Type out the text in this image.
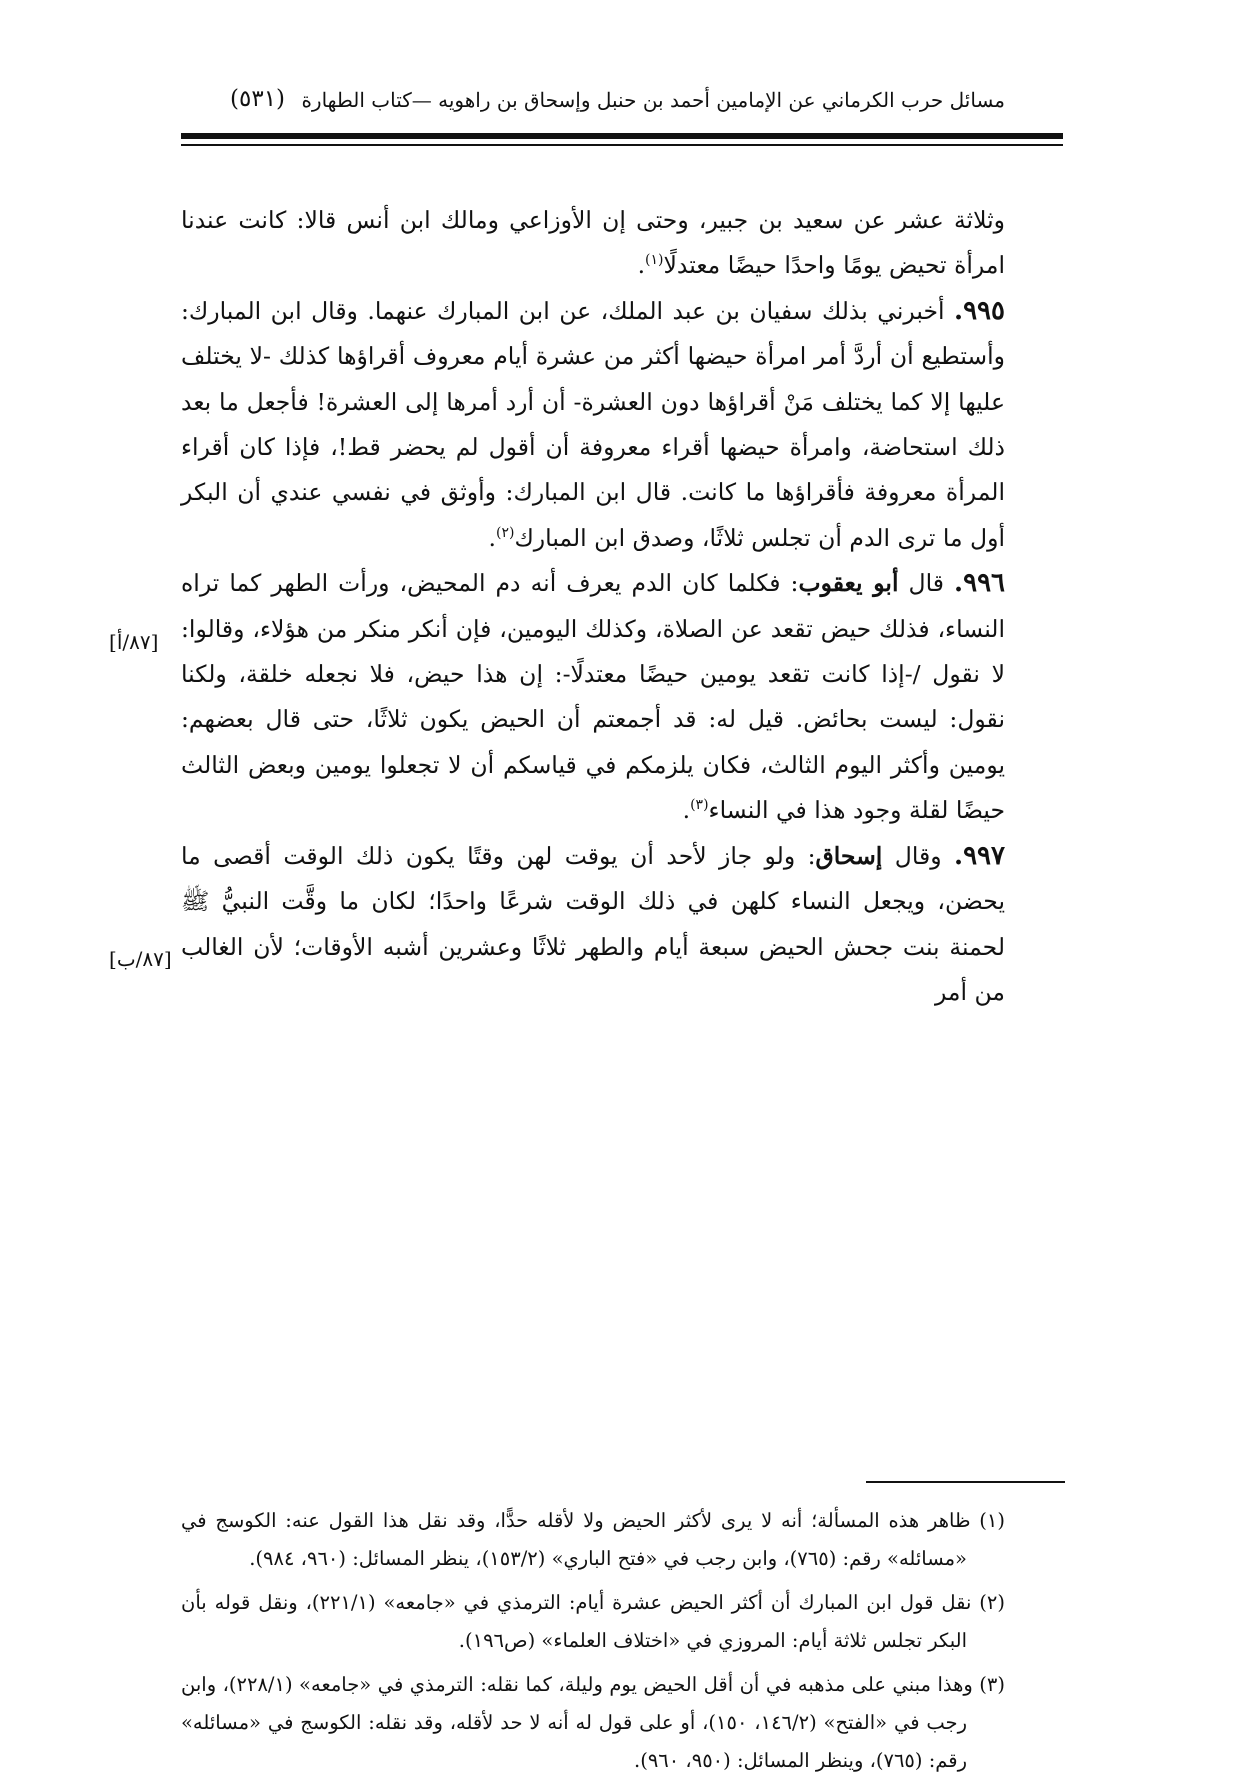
مسائل حرب الكرماني عن الإمامين أحمد بن حنبل وإسحاق بن راهويه —كتاب الطهارة
(٥٣١)

وثلاثة عشر عن سعيد بن جبير، وحتى إن الأوزاعي ومالك ابن أنس قالا: كانت عندنا امرأة تحيض يومًا واحدًا حيضًا معتدلًا$^{(١)}$.

٩٩٥. أخبرني بذلك سفيان بن عبد الملك، عن ابن المبارك عنهما. وقال ابن المبارك: وأستطيع أن أردَّ أمر امرأة حيضها أكثر من عشرة أيام معروف أقراؤها كذلك -لا يختلف عليها إلا كما يختلف مَنْ أقراؤها دون العشرة- أن أرد أمرها إلى العشرة! فأجعل ما بعد ذلك استحاضة، وامرأة حيضها أقراء معروفة أن أقول لم يحضر قط!، فإذا كان أقراء المرأة معروفة فأقراؤها ما كانت. قال ابن المبارك: وأوثق في نفسي عندي أن البكر أول ما ترى الدم أن تجلس ثلاثًا، وصدق ابن المبارك$^{(٢)}$.

٩٩٦. قال أبو يعقوب: فكلما كان الدم يعرف أنه دم المحيض، ورأت الطهر كما تراه النساء، فذلك حيض تقعد عن الصلاة، وكذلك اليومين، فإن أنكر منكر من هؤلاء، وقالوا: لا نقول /-إذا كانت تقعد يومين حيضًا معتدلًا-: إن هذا حيض، فلا نجعله خلقة، ولكنا نقول: ليست بحائض. قيل له: قد أجمعتم أن الحيض يكون ثلاثًا، حتى قال بعضهم: يومين وأكثر اليوم الثالث، فكان يلزمكم في قياسكم أن لا تجعلوا يومين وبعض الثالث حيضًا لقلة وجود هذا في النساء$^{(٣)}$.

٩٩٧. وقال إسحاق: ولو جاز لأحد أن يوقت لهن وقتًا يكون ذلك الوقت أقصى ما يحضن، ويجعل النساء كلهن في ذلك الوقت شرعًا واحدًا؛ لكان ما وقَّت النبيُّ ﷺ لحمنة بنت جحش الحيض سبعة أيام والطهر ثلاثًا وعشرين أشبه الأوقات؛ لأن الغالب من أمر

[٨٧/أ]
[٨٧/ب]

(١) ظاهر هذه المسألة؛ أنه لا يرى لأكثر الحيض ولا لأقله حدًّا، وقد نقل هذا القول عنه: الكوسج في «مسائله» رقم: (٧٦٥)، وابن رجب في «فتح الباري» (١٥٣/٢)، ينظر المسائل: (٩٦٠، ٩٨٤).

(٢) نقل قول ابن المبارك أن أكثر الحيض عشرة أيام: الترمذي في «جامعه» (٢٢١/١)، ونقل قوله بأن البكر تجلس ثلاثة أيام: المروزي في «اختلاف العلماء» (ص١٩٦).

(٣) وهذا مبني على مذهبه في أن أقل الحيض يوم وليلة، كما نقله: الترمذي في «جامعه» (٢٢٨/١)، وابن رجب في «الفتح» (١٤٦/٢، ١٥٠)، أو على قول له أنه لا حد لأقله، وقد نقله: الكوسج في «مسائله» رقم: (٧٦٥)، وينظر المسائل: (٩٥٠، ٩٦٠).
